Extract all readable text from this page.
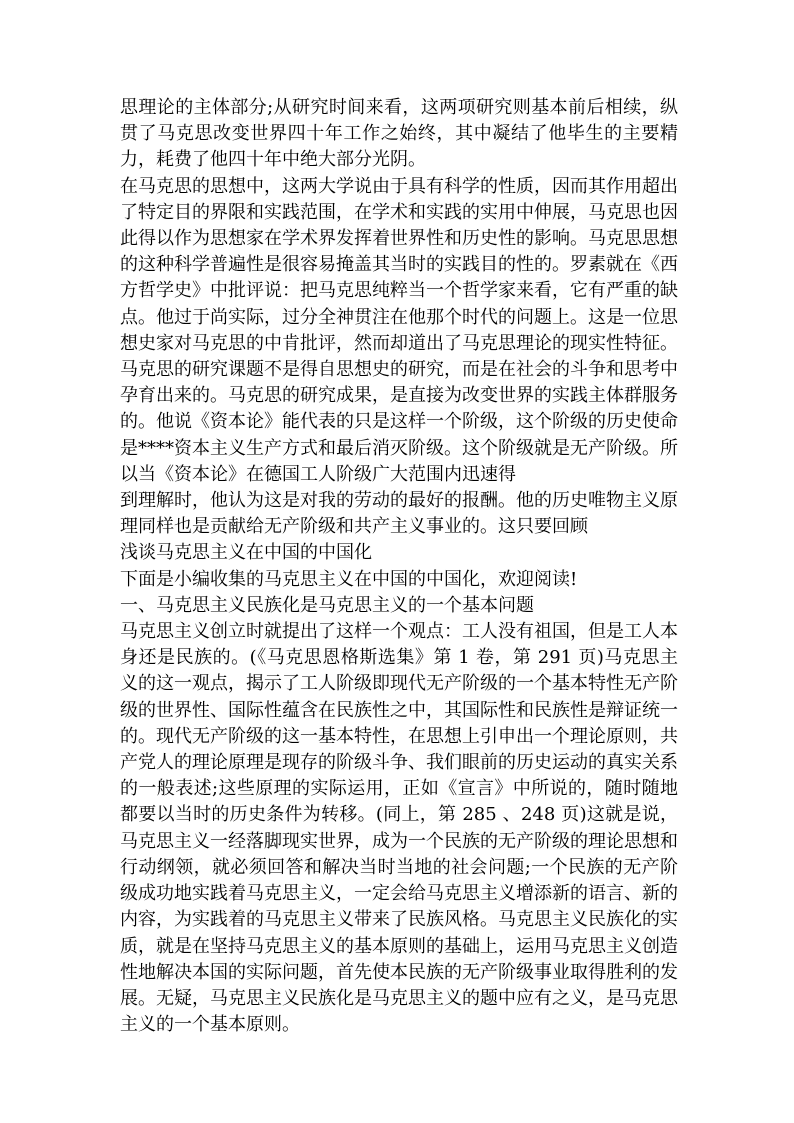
思理论的主体部分;从研究时间来看，这两项研究则基本前后相续，纵贯了马克思改变世界四十年工作之始终，其中凝结了他毕生的主要精力，耗费了他四十年中绝大部分光阴。

在马克思的思想中，这两大学说由于具有科学的性质，因而其作用超出了特定目的界限和实践范围，在学术和实践的实用中伸展，马克思也因此得以作为思想家在学术界发挥着世界性和历史性的影响。马克思思想的这种科学普遍性是很容易掩盖其当时的实践目的性的。罗素就在《西方哲学史》中批评说：把马克思纯粹当一个哲学家来看，它有严重的缺点。他过于尚实际，过分全神贯注在他那个时代的问题上。这是一位思想史家对马克思的中肯批评，然而却道出了马克思理论的现实性特征。马克思的研究课题不是得自思想史的研究，而是在社会的斗争和思考中孕育出来的。马克思的研究成果，是直接为改变世界的实践主体群服务的。他说《资本论》能代表的只是这样一个阶级，这个阶级的历史使命是****资本主义生产方式和最后消灭阶级。这个阶级就是无产阶级。所以当《资本论》在德国工人阶级广大范围内迅速得

到理解时，他认为这是对我的劳动的最好的报酬。他的历史唯物主义原理同样也是贡献给无产阶级和共产主义事业的。这只要回顾

浅谈马克思主义在中国的中国化

下面是小编收集的马克思主义在中国的中国化，欢迎阅读!

一、马克思主义民族化是马克思主义的一个基本问题

马克思主义创立时就提出了这样一个观点：工人没有祖国，但是工人本身还是民族的。(《马克思恩格斯选集》第 1 卷，第 291 页)马克思主义的这一观点，揭示了工人阶级即现代无产阶级的一个基本特性无产阶级的世界性、国际性蕴含在民族性之中，其国际性和民族性是辩证统一的。现代无产阶级的这一基本特性，在思想上引申出一个理论原则，共产党人的理论原理是现存的阶级斗争、我们眼前的历史运动的真实关系的一般表述;这些原理的实际运用，正如《宣言》中所说的，随时随地都要以当时的历史条件为转移。(同上，第 285 、248 页)这就是说，马克思主义一经落脚现实世界，成为一个民族的无产阶级的理论思想和行动纲领，就必须回答和解决当时当地的社会问题;一个民族的无产阶级成功地实践着马克思主义，一定会给马克思主义增添新的语言、新的内容，为实践着的马克思主义带来了民族风格。马克思主义民族化的实质，就是在坚持马克思主义的基本原则的基础上，运用马克思主义创造性地解决本国的实际问题，首先使本民族的无产阶级事业取得胜利的发展。无疑，马克思主义民族化是马克思主义的题中应有之义，是马克思主义的一个基本原则。
